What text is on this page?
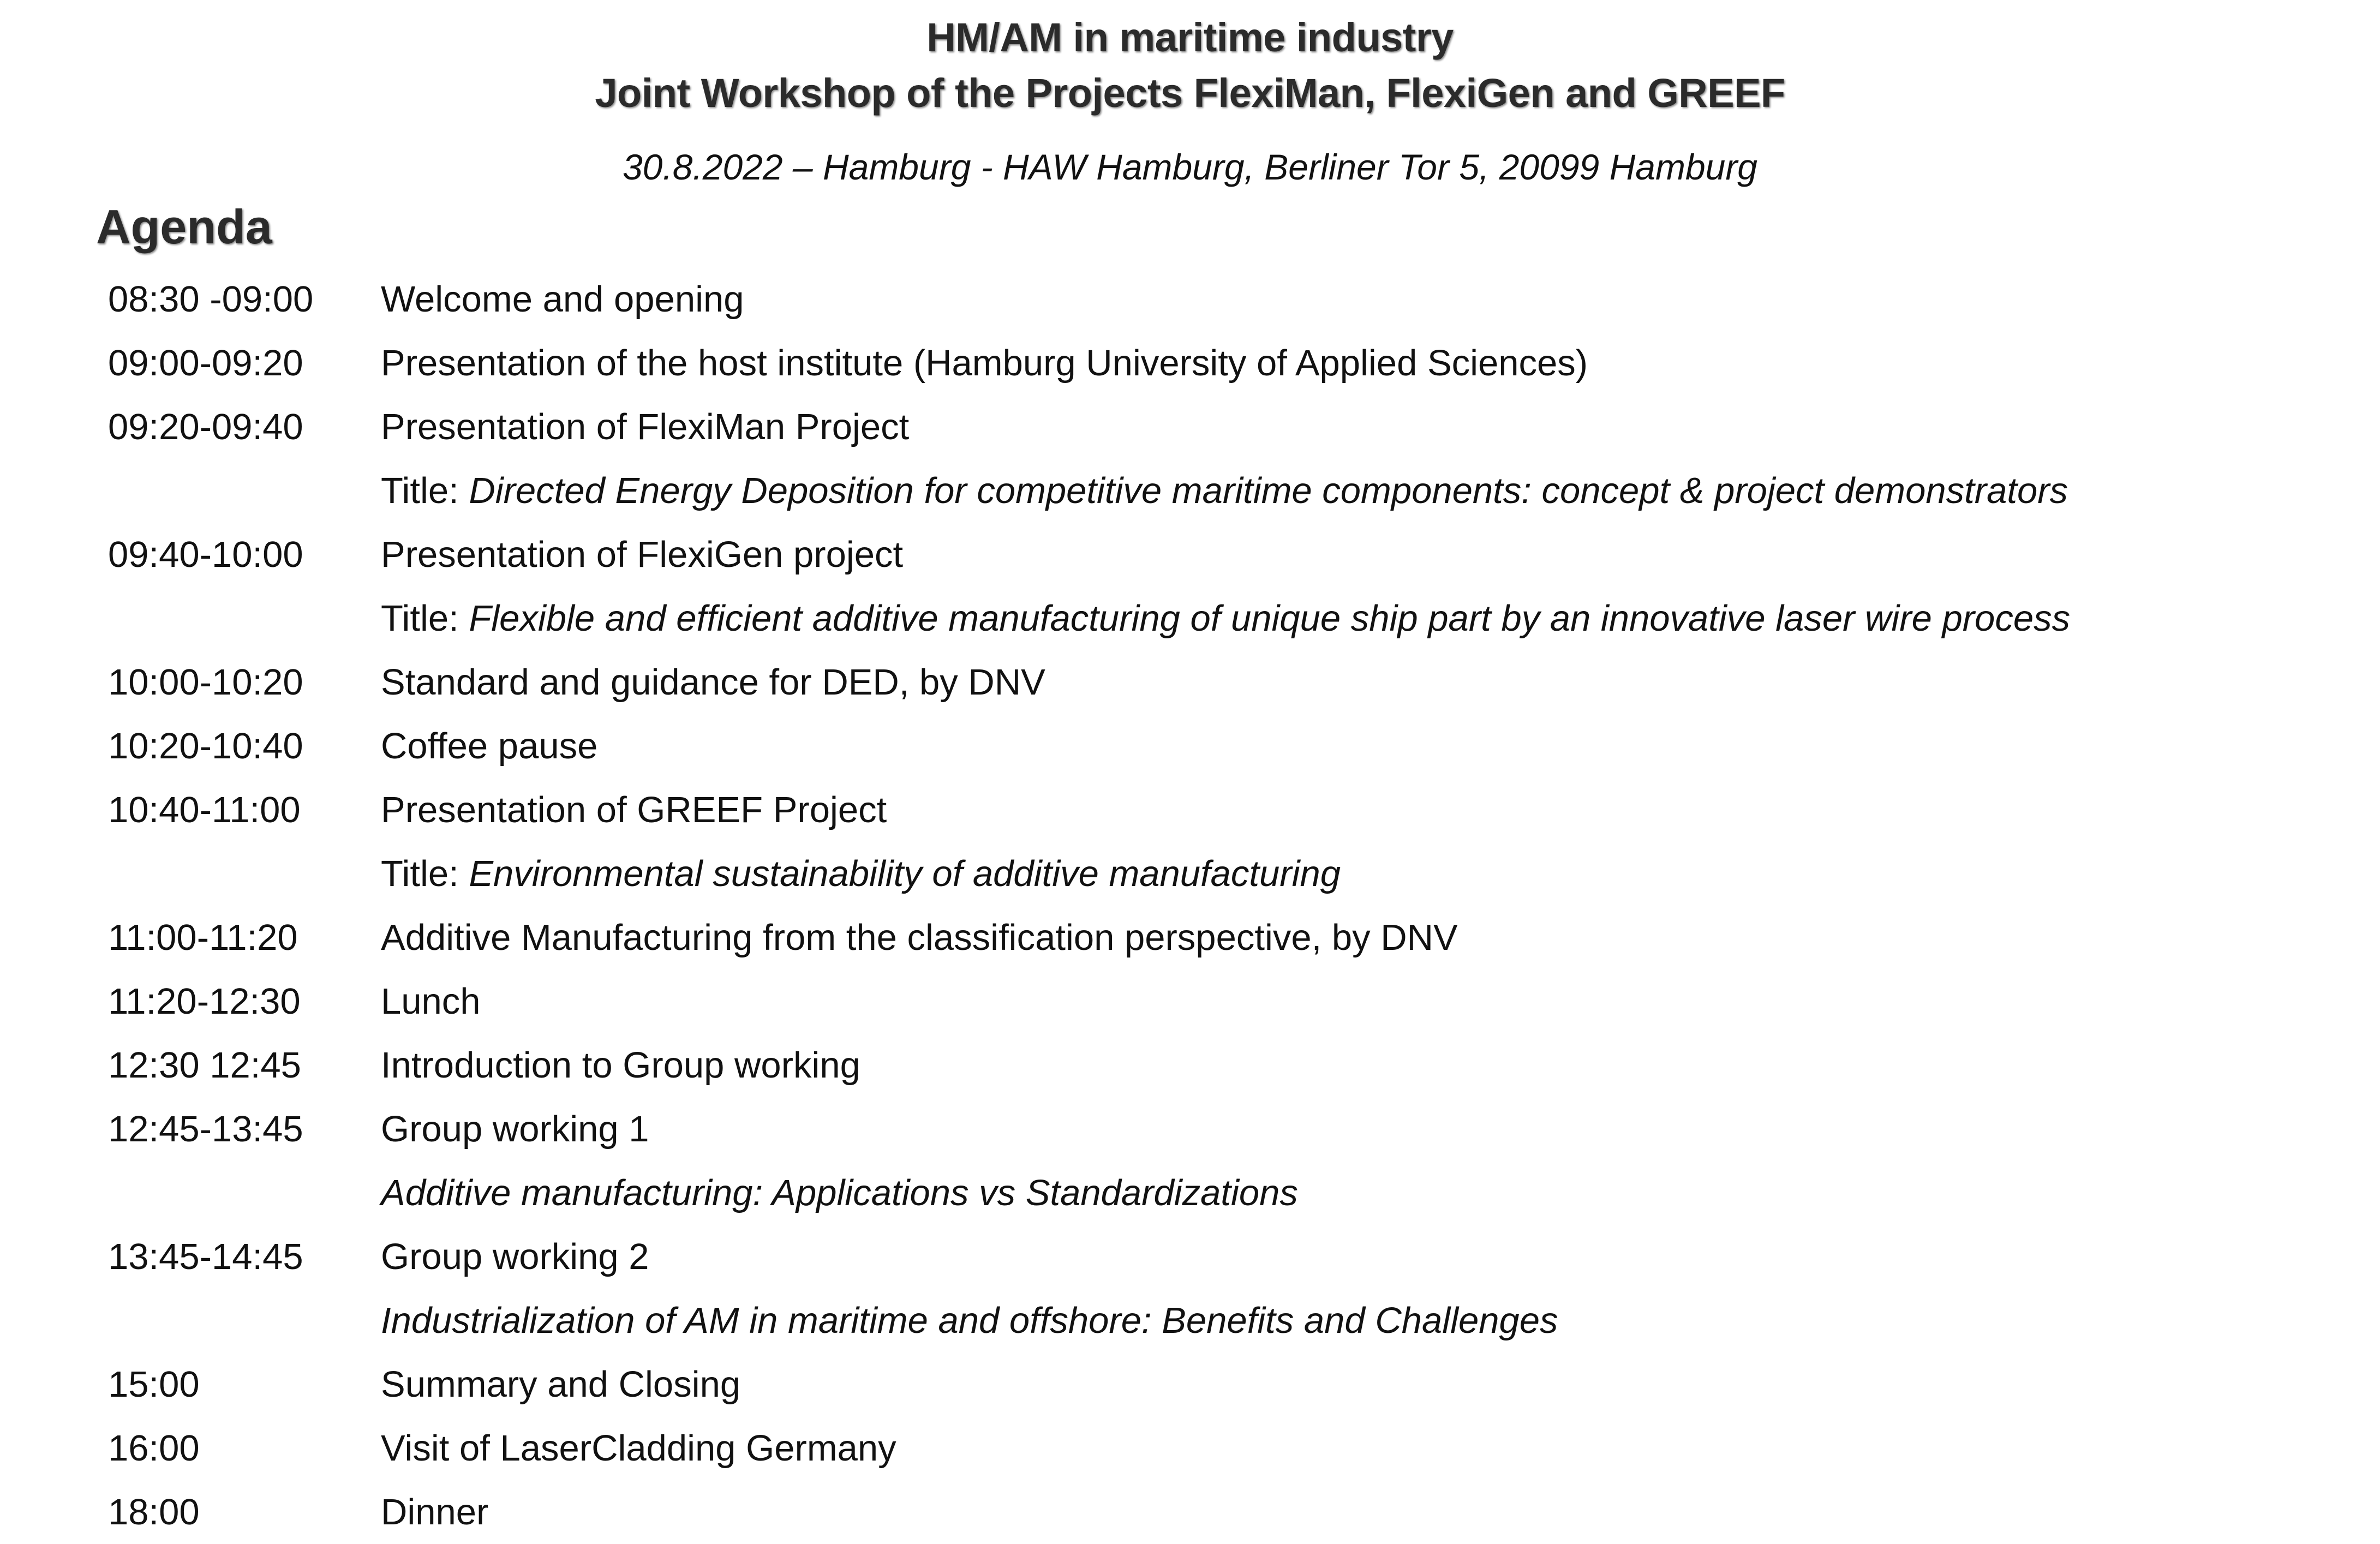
HM/AM in maritime industry
Joint Workshop of the Projects FlexiMan, FlexiGen and GREEF
30.8.2022 – Hamburg - HAW Hamburg, Berliner Tor 5, 20099 Hamburg
Agenda
08:30 -09:00	Welcome and opening
09:00-09:20	Presentation of the host institute (Hamburg University of Applied Sciences)
09:20-09:40	Presentation of FlexiMan Project
Title: Directed Energy Deposition for competitive maritime components: concept & project demonstrators
09:40-10:00	Presentation of FlexiGen project
Title: Flexible and efficient additive manufacturing of unique ship part by an innovative laser wire process
10:00-10:20	Standard and guidance for DED, by DNV
10:20-10:40	Coffee pause
10:40-11:00	Presentation of GREEF Project
Title: Environmental sustainability of additive manufacturing
11:00-11:20	Additive Manufacturing from the classification perspective, by DNV
11:20-12:30	Lunch
12:30 12:45	Introduction to Group working
12:45-13:45	Group working 1
Additive manufacturing: Applications vs Standardizations
13:45-14:45	Group working 2
Industrialization of AM in maritime and offshore: Benefits and Challenges
15:00	Summary and Closing
16:00	Visit of LaserCladding Germany
18:00	Dinner
